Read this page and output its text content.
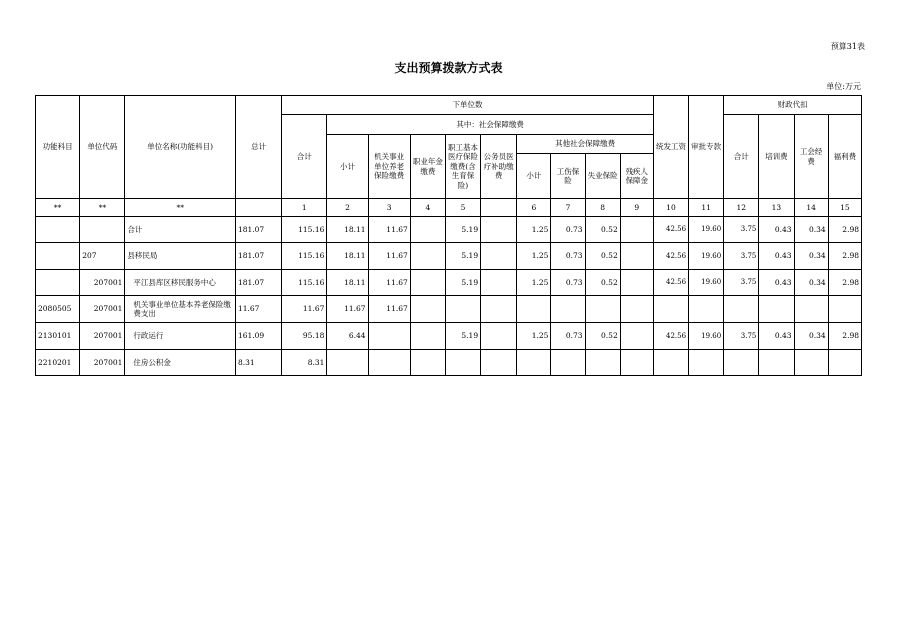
预算31表
支出预算拨款方式表
单位:万元
功能科目	单位代码	单位名称(功能科目)	总计	下单位数										统发工资	审批专款	财政代扣			
				合计	其中：社会保障缴费											合计	培训费	工会经费	福利费
					小计	机关事业单位养老保险缴费	职业年金缴费	职工基本医疗保险缴费(含生育保险)	公务员医疗补助缴费	其他社会保障缴费									
										小计	工伤保险	失业保险	残疾人保障金						
**	**	**		1	2	3	4	5		6	7	8	9	10	11	12	13	14	15
		合计	181.07	115.16	18.11	11.67		5.19		1.25	0.73	0.52		42.56	19.60	3.75	0.43	0.34	2.98
	207	县移民局	181.07	115.16	18.11	11.67		5.19		1.25	0.73	0.52		42.56	19.60	3.75	0.43	0.34	2.98
	207001	平江县库区移民服务中心	181.07	115.16	18.11	11.67		5.19		1.25	0.73	0.52		42.56	19.60	3.75	0.43	0.34	2.98
2080505	207001	机关事业单位基本养老保险缴费支出	11.67	11.67	11.67	11.67													
2130101	207001	行政运行	161.09	95.18	6.44			5.19		1.25	0.73	0.52		42.56	19.60	3.75	0.43	0.34	2.98
2210201	207001	住房公积金	8.31	8.31															
